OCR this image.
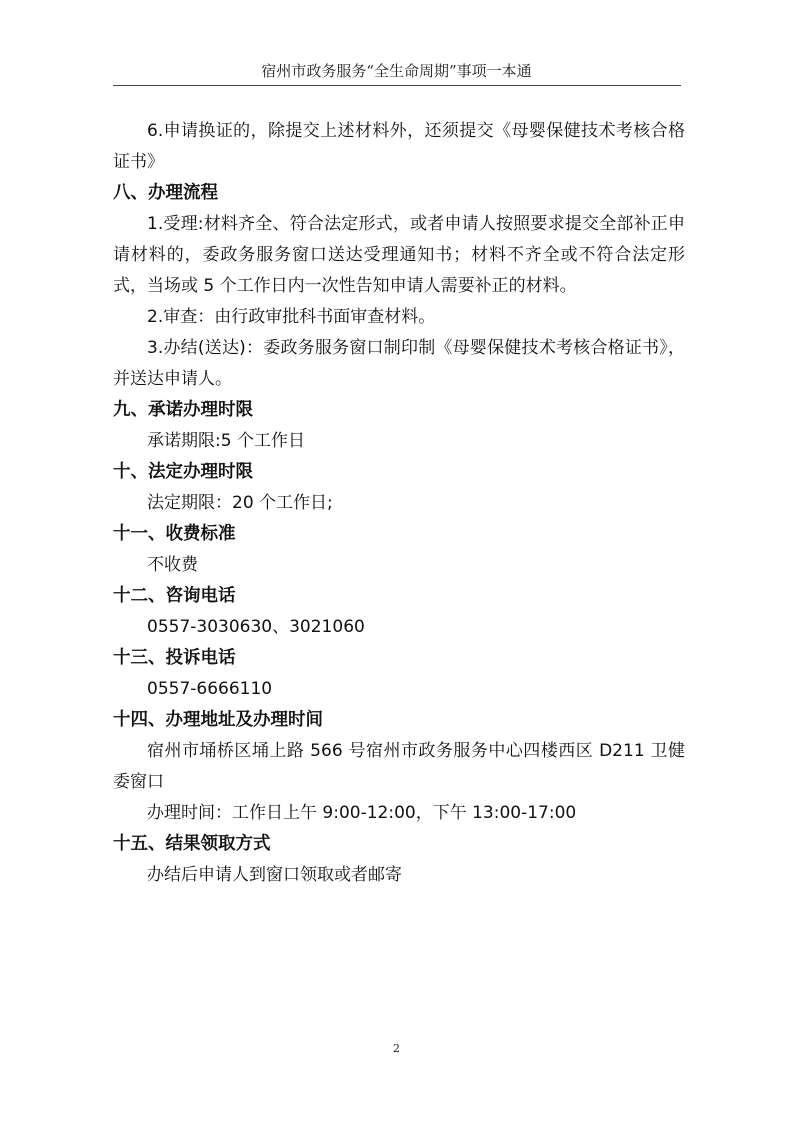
宿州市政务服务“全生命周期”事项一本通

6.申请换证的，除提交上述材料外，还须提交《母婴保健技术考核合格证书》

八、办理流程

1.受理:材料齐全、符合法定形式，或者申请人按照要求提交全部补正申请材料的，委政务服务窗口送达受理通知书；材料不齐全或不符合法定形式，当场或 5 个工作日内一次性告知申请人需要补正的材料。

2.审查：由行政审批科书面审查材料。

3.办结(送达)：委政务服务窗口制印制《母婴保健技术考核合格证书》，并送达申请人。

九、承诺办理时限

承诺期限:5 个工作日

十、法定办理时限

法定期限：20 个工作日;

十一、收费标准

不收费

十二、咨询电话

0557-3030630、3021060

十三、投诉电话

0557-6666110

十四、办理地址及办理时间

宿州市埇桥区埇上路 566 号宿州市政务服务中心四楼西区 D211 卫健委窗口

办理时间：工作日上午 9:00-12:00，下午 13:00-17:00

十五、结果领取方式

办结后申请人到窗口领取或者邮寄

2
